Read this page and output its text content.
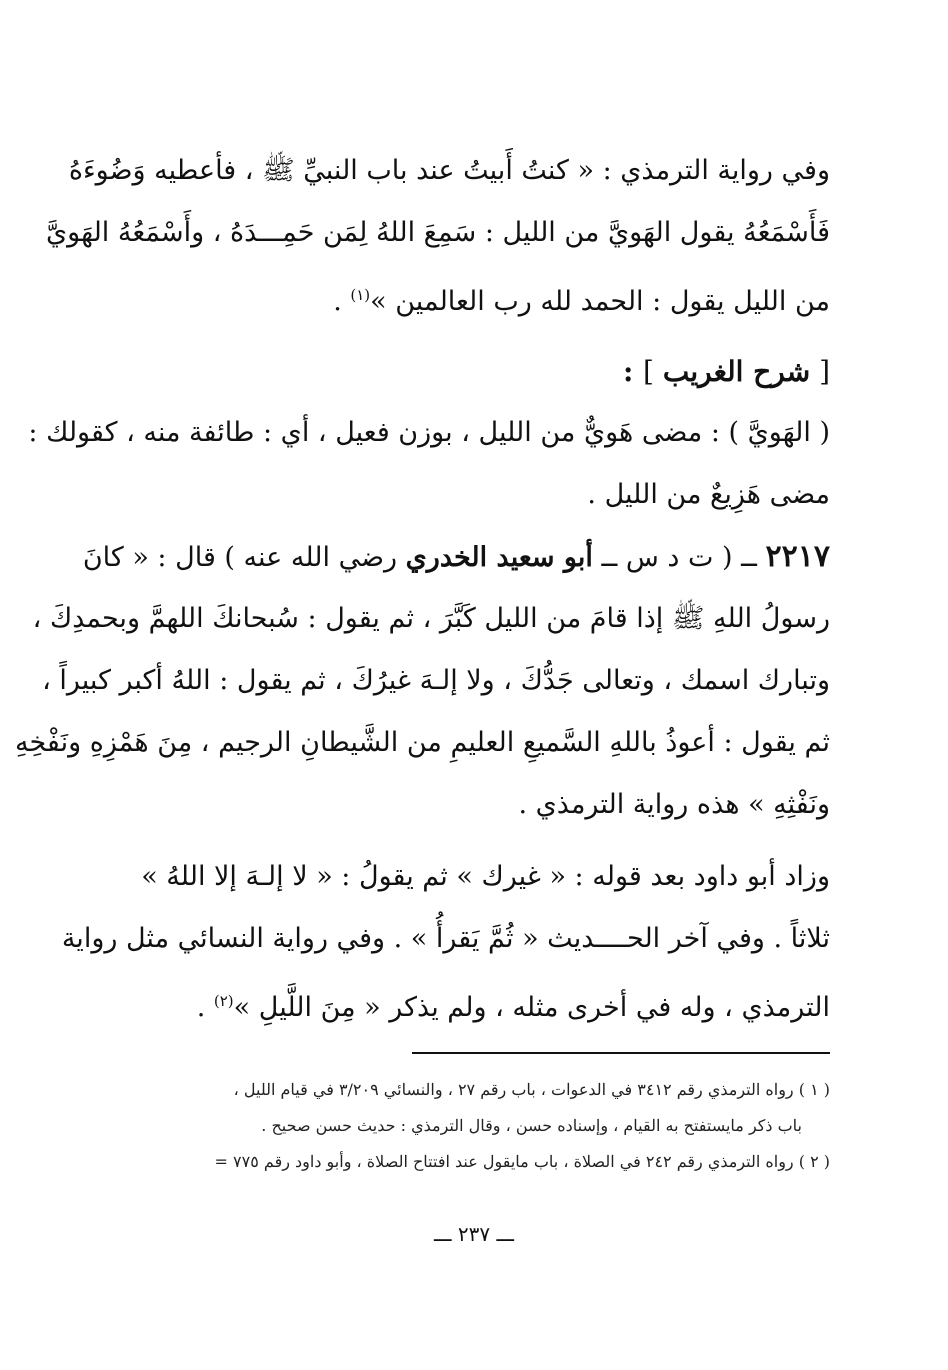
وفي رواية الترمذي : « كنتُ أَبيتُ عند باب النبيِّ ﷺ ، فأعطيه وَضُوءَهُ
فَأَسْمَعُهُ يقول الهَويَّ من الليل : سَمِعَ اللهُ لِمَن حَمِـــدَهُ ، وأَسْمَعُهُ الهَويَّ
من الليل يقول : الحمد لله رب العالمين »$^{(١)}$ .
[ شرح الغريب ] :
( الهَويَّ ) : مضى هَويٌّ من الليل ، بوزن فعيل ، أي : طائفة منه ، كقولك :
مضى هَزِيعٌ من الليل .
٢٢١٧ ــ ( ت د س ــ أبو سعيد الخدري رضي الله عنه ) قال : « كانَ
رسولُ اللهِ ﷺ إذا قامَ من الليل كَبَّرَ ، ثم يقول : سُبحانكَ اللهمَّ وبحمدِكَ ،
وتبارك اسمك ، وتعالى جَدُّكَ ، ولا إلـهَ غيرُكَ ، ثم يقول : اللهُ أكبر كبيراً ،
ثم يقول : أعوذُ باللهِ السَّميعِ العليمِ من الشَّيطانِ الرجيم ، مِنَ هَمْزِهِ ونَفْخِهِ
ونَفْثِهِ » هذه رواية الترمذي .
وزاد أبو داود بعد قوله : « غيرك » ثم يقولُ : « لا إلـهَ إلا اللهُ »
ثلاثاً . وفي آخر الحــــديث « ثُمَّ يَقرأُ » . وفي رواية النسائي مثل رواية
الترمذي ، وله في أخرى مثله ، ولم يذكر « مِنَ اللَّيلِ »$^{(٢)}$ .
( ١ ) رواه الترمذي رقم ٣٤١٢ في الدعوات ، باب رقم ٢٧ ، والنسائي ٣/٢٠٩ في قيام الليل ،
باب ذكر مايستفتح به القيام ، وإسناده حسن ، وقال الترمذي : حديث حسن صحيح .
( ٢ ) رواه الترمذي رقم ٢٤٢ في الصلاة ، باب مايقول عند افتتاح الصلاة ، وأبو داود رقم ٧٧٥ =
ـــ ٢٣٧ ـــ
